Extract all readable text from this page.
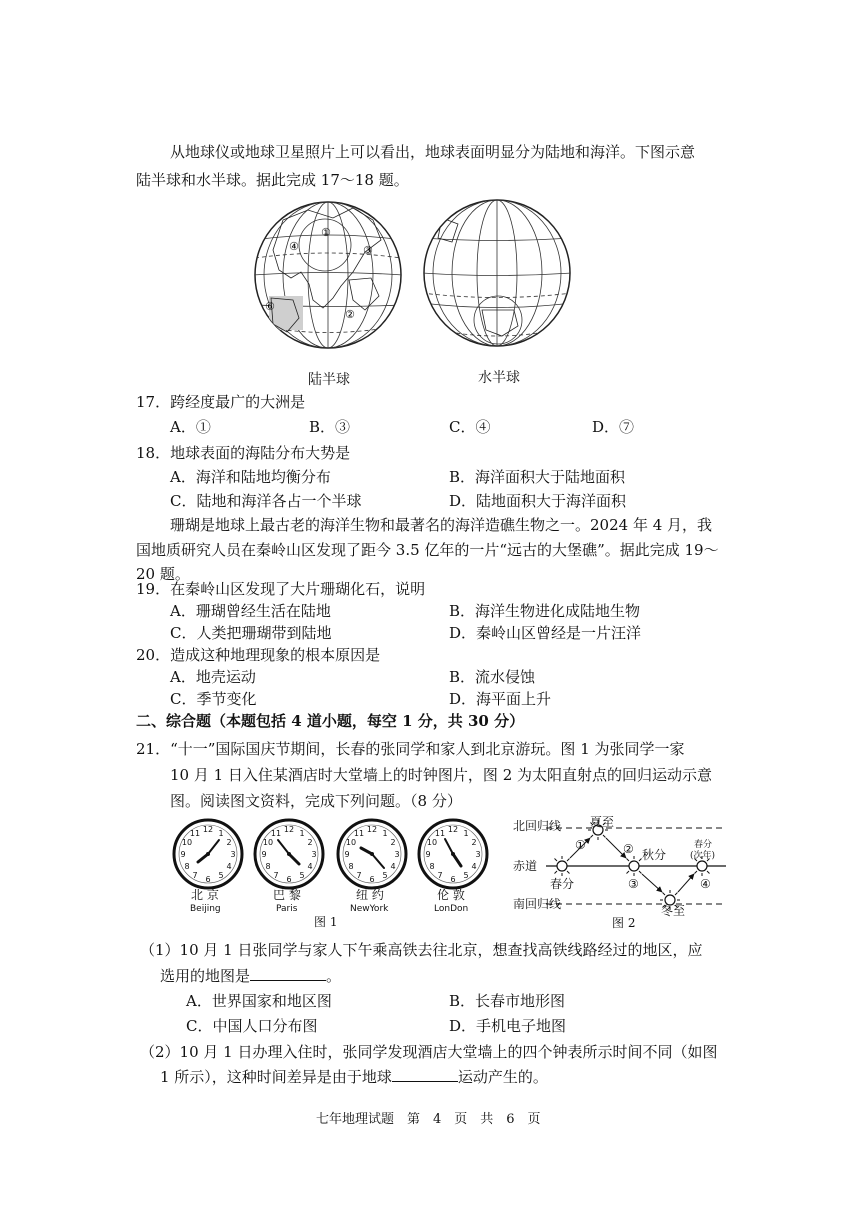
从地球仪或地球卫星照片上可以看出，地球表面明显分为陆地和海洋。下图示意
陆半球和水半球。据此完成 17～18 题。
④
①
③
②
⑥
陆半球	水半球
17．跨经度最广的大洲是
A．①	B．③	C．④	D．⑦
18．地球表面的海陆分布大势是
A．海洋和陆地均衡分布	B．海洋面积大于陆地面积
C．陆地和海洋各占一个半球	D．陆地面积大于海洋面积
珊瑚是地球上最古老的海洋生物和最著名的海洋造礁生物之一。2024 年 4 月，我
国地质研究人员在秦岭山区发现了距今 3.5 亿年的一片“远古的大堡礁”。据此完成 19～
20 题。
19．在秦岭山区发现了大片珊瑚化石，说明
A．珊瑚曾经生活在陆地	B．海洋生物进化成陆地生物
C．人类把珊瑚带到陆地	D．秦岭山区曾经是一片汪洋
20．造成这种地理现象的根本原因是
A．地壳运动	B．流水侵蚀
C．季节变化	D．海平面上升
二、综合题（本题包括 4 道小题，每空 1 分，共 30 分）
21．“十一”国际国庆节期间，长春的张同学和家人到北京游玩。图 1 为张同学一家
10 月 1 日入住某酒店时大堂墙上的时钟图片，图 2 为太阳直射点的回归运动示意
图。阅读图文资料，完成下列问题。（8 分）
12 1
2
3
4
5
6
7
8
9
10
11	12 1
2
3
4
5
6
7
8
9
10
11	12 1
2
3
4
5
6
7
8
9
10
11	12 1
2
3
4
5
6
7
8
9
10
11
北 京
Beijing
巴 黎
Paris
纽 约
NewYork
伦 敦
LonDon
图 1
北回归线 夏至
赤道
①	② 秋分
春分
(次年)
春分	③	④
南回归线	冬至
图 2
（1）10 月 1 日张同学与家人下午乘高铁去往北京，想查找高铁线路经过的地区，应
选用的地图是	。
A．世界国家和地区图	B．长春市地形图
C．中国人口分布图	D．手机电子地图
（2）10 月 1 日办理入住时，张同学发现酒店大堂墙上的四个钟表所示时间不同（如图
1 所示），这种时间差异是由于地球	运动产生的。
七年地理试题　第　4　页　共　6　页
